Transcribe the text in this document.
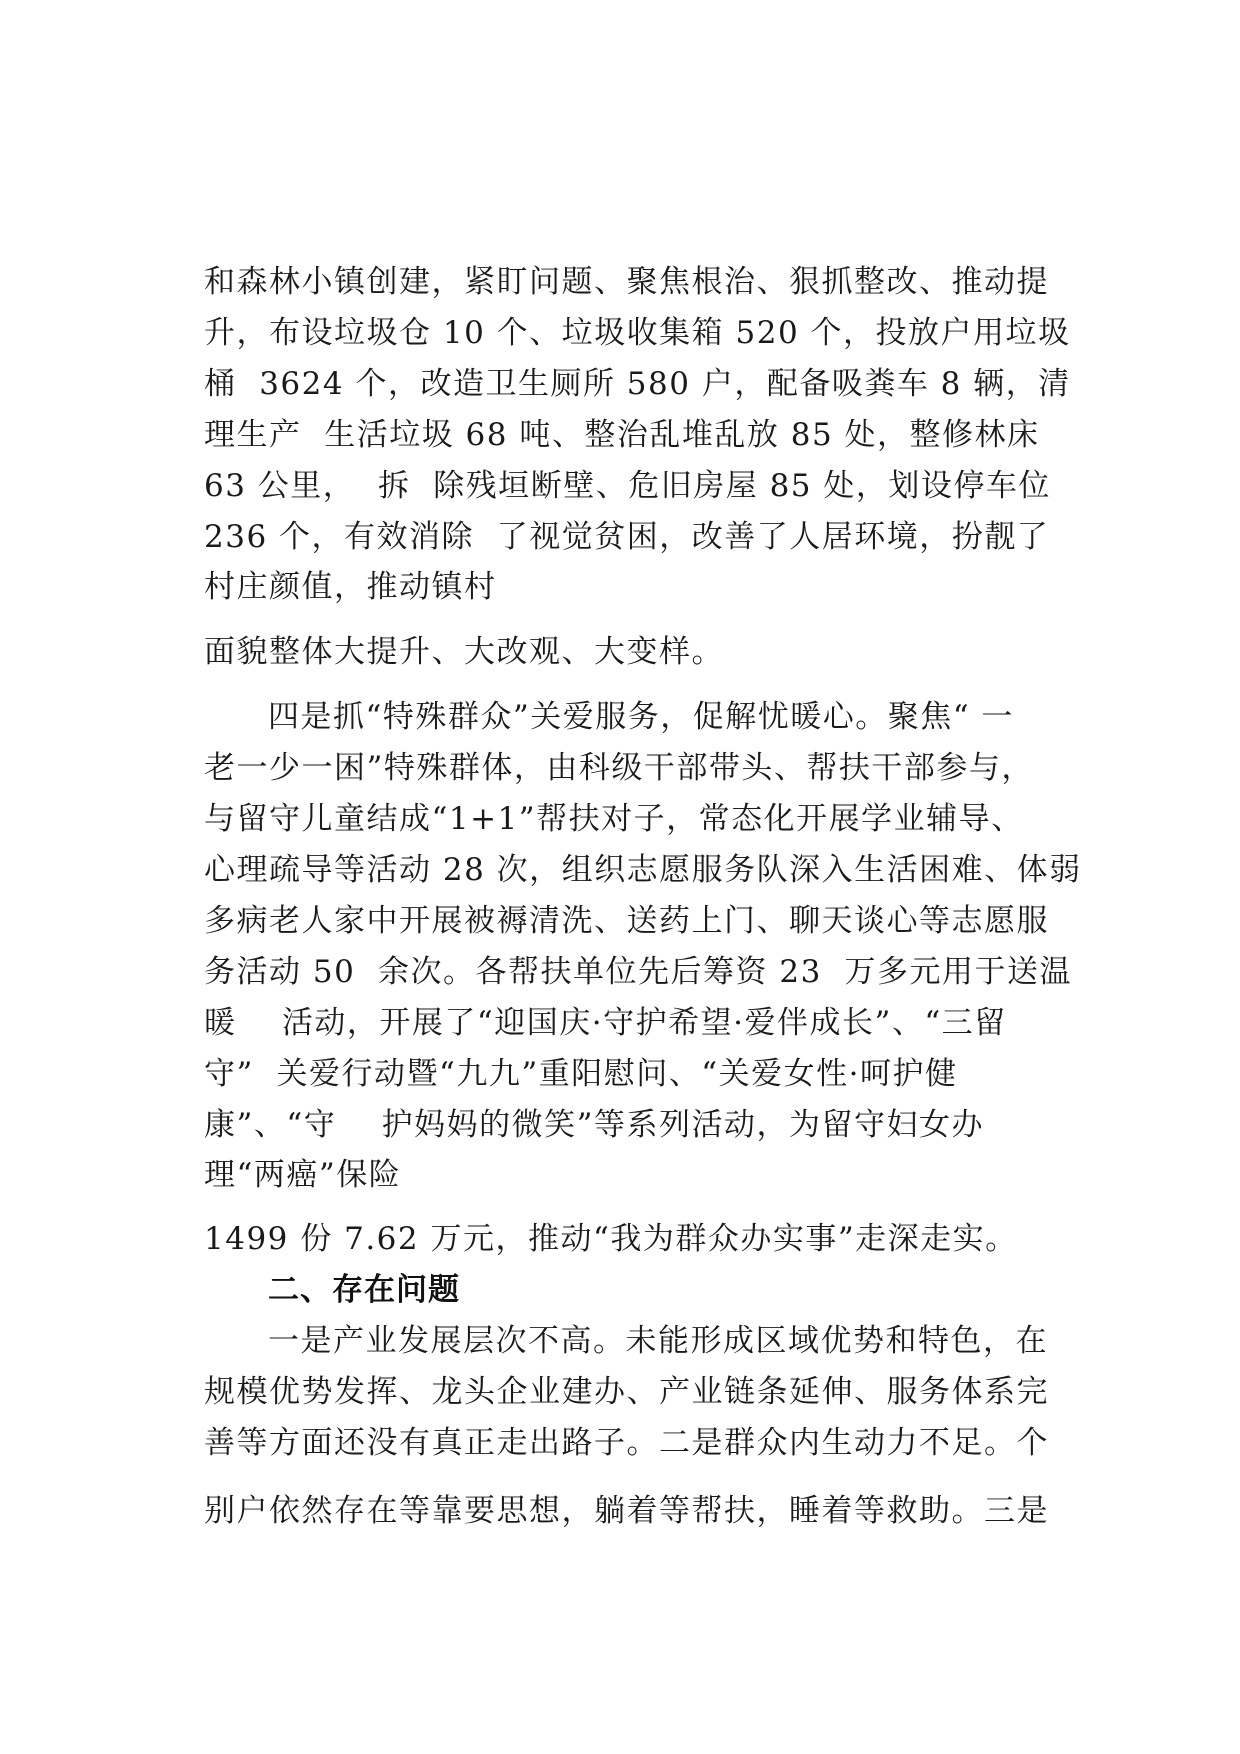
和森林小镇创建，紧盯问题、聚焦根治、狠抓整改、推动提

升，布设垃圾仓 10 个、垃圾收集箱 520 个，投放户用垃圾

桶  3624 个，改造卫生厕所 580 户，配备吸粪车 8 辆，清

理生产  生活垃圾 68 吨、整治乱堆乱放 85 处，整修林床

63 公里，  拆  除残垣断壁、危旧房屋 85 处，划设停车位

236 个，有效消除  了视觉贫困，改善了人居环境，扮靓了

村庄颜值，推动镇村

面貌整体大提升、大改观、大变样。

四是抓“特殊群众”关爱服务，促解忧暖心。聚焦“ 一

老一少一困”特殊群体，由科级干部带头、帮扶干部参与，

与留守儿童结成“1+1”帮扶对子，常态化开展学业辅导、

心理疏导等活动 28 次，组织志愿服务队深入生活困难、体弱

多病老人家中开展被褥清洗、送药上门、聊天谈心等志愿服

务活动 50  余次。各帮扶单位先后筹资 23  万多元用于送温

暖    活动，开展了“迎国庆·守护希望·爱伴成长”、“三留

守”  关爱行动暨“九九”重阳慰问、“关爱女性·呵护健

康”、“守    护妈妈的微笑”等系列活动，为留守妇女办

理“两癌”保险

1499 份 7.62 万元，推动“我为群众办实事”走深走实。

二、存在问题

一是产业发展层次不高。未能形成区域优势和特色，在

规模优势发挥、龙头企业建办、产业链条延伸、服务体系完

善等方面还没有真正走出路子。二是群众内生动力不足。个

别户依然存在等靠要思想，躺着等帮扶，睡着等救助。三是
